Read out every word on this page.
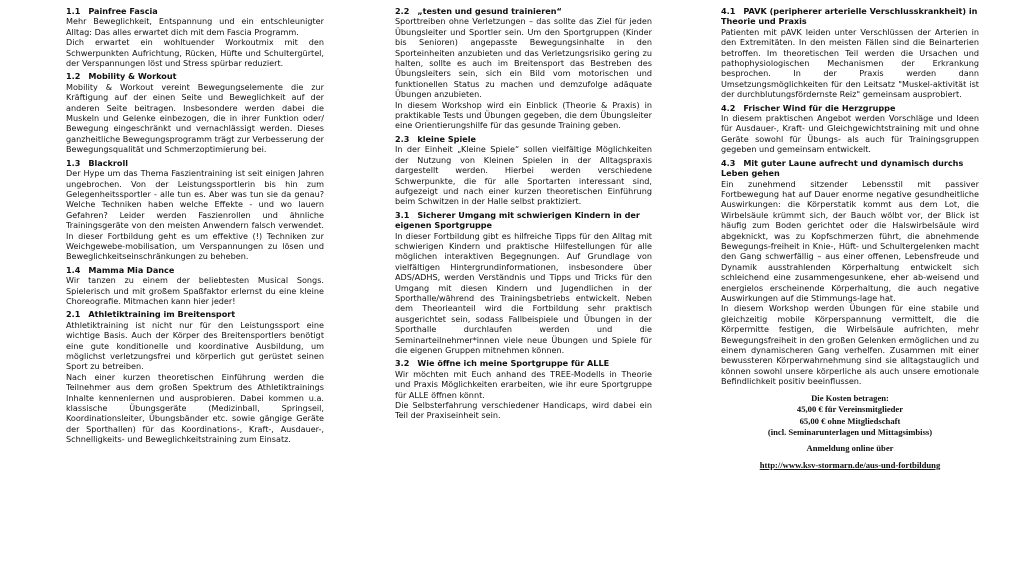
1.1 Painfree Fascia

Mehr Beweglichkeit, Entspannung und ein entschleunigter Alltag: Das alles erwartet dich mit dem Fascia Programm.

Dich erwartet ein wohltuender Workoutmix mit den Schwerpunkten Aufrichtung, Rücken, Hüfte und Schultergürtel, der Verspannungen löst und Stress spürbar reduziert.

1.2 Mobility & Workout

Mobility & Workout vereint Bewegungselemente die zur Kräftigung auf der einen Seite und Beweglichkeit auf der anderen Seite beitragen. Insbesondere werden dabei die Muskeln und Gelenke einbezogen, die in ihrer Funktion oder/ Bewegung eingeschränkt und vernachlässigt werden. Dieses ganzheitliche Bewegungsprogramm trägt zur Verbesserung der Bewegungsqualität und Schmerzoptimierung bei.

1.3 Blackroll

Der Hype um das Thema Faszientraining ist seit einigen Jahren ungebrochen. Von der Leistungssportlerin bis hin zum Gelegenheitssportler - alle tun es. Aber was tun sie da genau? Welche Techniken haben welche Effekte - und wo lauern Gefahren? Leider werden Faszienrollen und ähnliche Trainingsgeräte von den meisten Anwendern falsch verwendet. In dieser Fortbildung geht es um effektive (!) Techniken zur Weichgewebe-mobilisation, um Verspannungen zu lösen und Beweglichkeitseinschränkungen zu beheben.

1.4 Mamma Mia Dance

Wir tanzen zu einem der beliebtesten Musical Songs. Spielerisch und mit großem Spaßfaktor erlernst du eine kleine Choreografie. Mitmachen kann hier jeder!

2.1 Athletiktraining im Breitensport

Athletiktraining ist nicht nur für den Leistungssport eine wichtige Basis. Auch der Körper des Breitensportlers benötigt eine gute konditionelle und koordinative Ausbildung, um möglichst verletzungsfrei und körperlich gut gerüstet seinen Sport zu betreiben.

Nach einer kurzen theoretischen Einführung werden die Teilnehmer aus dem großen Spektrum des Athletiktrainings Inhalte kennenlernen und ausprobieren. Dabei kommen u.a. klassische Übungsgeräte (Medizinball, Springseil, Koordinationsleiter, Übungsbänder etc. sowie gängige Geräte der Sporthallen) für das Koordinations-, Kraft-, Ausdauer-, Schnelligkeits- und Beweglichkeitstraining zum Einsatz.

2.2 „testen und gesund trainieren“

Sporttreiben ohne Verletzungen – das sollte das Ziel für jeden Übungsleiter und Sportler sein. Um den Sportgruppen (Kinder bis Senioren) angepasste Bewegungsinhalte in den Sporteinheiten anzubieten und das Verletzungsrisiko gering zu halten, sollte es auch im Breitensport das Bestreben des Übungsleiters sein, sich ein Bild vom motorischen und funktionellen Status zu machen und demzufolge adäquate Übungen anzubieten.

In diesem Workshop wird ein Einblick (Theorie & Praxis) in praktikable Tests und Übungen gegeben, die dem Übungsleiter eine Orientierungshilfe für das gesunde Training geben.

2.3 kleine Spiele

In der Einheit „Kleine Spiele“ sollen vielfältige Möglichkeiten der Nutzung von Kleinen Spielen in der Alltagspraxis dargestellt werden. Hierbei werden verschiedene Schwerpunkte, die für alle Sportarten interessant sind, aufgezeigt und nach einer kurzen theoretischen Einführung beim Schwitzen in der Halle selbst praktiziert.

3.1 Sicherer Umgang mit schwierigen Kindern in der eigenen Sportgruppe

In dieser Fortbildung gibt es hilfreiche Tipps für den Alltag mit schwierigen Kindern und praktische Hilfestellungen für alle möglichen interaktiven Begegnungen. Auf Grundlage von vielfältigen Hintergrundinformationen, insbesondere über ADS/ADHS, werden Verständnis und Tipps und Tricks für den Umgang mit diesen Kindern und Jugendlichen in der Sporthalle/während des Trainingsbetriebs entwickelt. Neben dem Theorieanteil wird die Fortbildung sehr praktisch ausgerichtet sein, sodass Fallbeispiele und Übungen in der Sporthalle durchlaufen werden und die Seminarteilnehmer*innen viele neue Übungen und Spiele für die eigenen Gruppen mitnehmen können.

3.2 Wie öffne ich meine Sportgruppe für ALLE

Wir möchten mit Euch anhand des TREE-Modells in Theorie und Praxis Möglichkeiten erarbeiten, wie ihr eure Sportgruppe für ALLE öffnen könnt.

Die Selbsterfahrung verschiedener Handicaps, wird dabei ein Teil der Praxiseinheit sein.

4.1 PAVK (peripherer arterielle Verschlusskrankheit) in Theorie und Praxis

Patienten mit pAVK leiden unter Verschlüssen der Arterien in den Extremitäten. In den meisten Fällen sind die Beinarterien betroffen. Im theoretischen Teil werden die Ursachen und pathophysiologischen Mechanismen der Erkrankung besprochen. In der Praxis werden dann Umsetzungsmöglichkeiten für den Leitsatz "Muskel-aktivität ist der durchblutungsfördernste Reiz" gemeinsam ausprobiert.

4.2 Frischer Wind für die Herzgruppe

In diesem praktischen Angebot werden Vorschläge und Ideen für Ausdauer-, Kraft- und Gleichgewichtstraining mit und ohne Geräte sowohl für Übungs- als auch für Trainingsgruppen gegeben und gemeinsam entwickelt.

4.3 Mit guter Laune aufrecht und dynamisch durchs Leben gehen

Ein zunehmend sitzender Lebensstil mit passiver Fortbewegung hat auf Dauer enorme negative gesundheitliche Auswirkungen: die Körperstatik kommt aus dem Lot, die Wirbelsäule krümmt sich, der Bauch wölbt vor, der Blick ist häufig zum Boden gerichtet oder die Halswirbelsäule wird abgeknickt, was zu Kopfschmerzen führt, die abnehmende Bewegungs-freiheit in Knie-, Hüft- und Schultergelenken macht den Gang schwerfällig – aus einer offenen, Lebensfreude und Dynamik ausstrahlenden Körperhaltung entwickelt sich schleichend eine zusammengesunkene, eher ab-weisend und energielos erscheinende Körperhaltung, die auch negative Auswirkungen auf die Stimmungs-lage hat.

In diesem Workshop werden Übungen für eine stabile und gleichzeitig mobile Körperspannung vermittelt, die die Körpermitte festigen, die Wirbelsäule aufrichten, mehr Bewegungsfreiheit in den großen Gelenken ermöglichen und zu einem dynamischeren Gang verhelfen. Zusammen mit einer bewussteren Körperwahrnehmung sind sie alltagstauglich und können sowohl unsere körperliche als auch unsere emotionale Befindlichkeit positiv beeinflussen.

Die Kosten betragen:
45,00 € für Vereinsmitglieder
65,00 € ohne Mitgliedschaft
(incl. Seminarunterlagen und Mittagsimbiss)
Anmeldung online über
http://www.ksv-stormarn.de/aus-und-fortbildung
